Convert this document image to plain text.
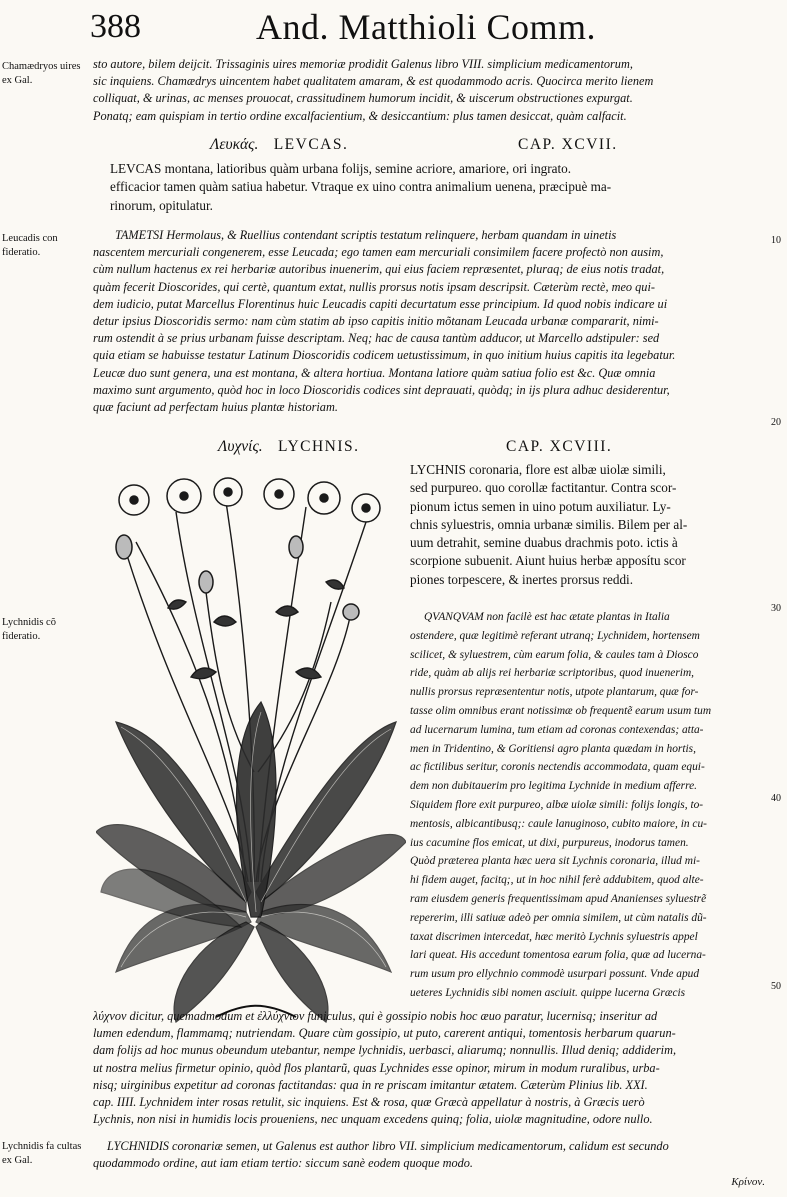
388	And. Matthioli Comm.
Chamædryos uires ex Gal.
Leucadis con fideratio.
Lychnidis cõ fideratio.
Lychnidis fa cultas ex Gal.
10
20
30
40
50
sto autore, bilem deijcit. Trissaginis uires memoriæ prodidit Galenus libro VIII. simplicium medicamentorum,
sic inquiens. Chamædrys uincentem habet qualitatem amaram, & est quodammodo acris. Quocirca merito lienem
colliquat, & urinas, ac menses prouocat, crassitudinem humorum incidit, & uiscerum obstructiones expurgat.
Ponatq; eam quispiam in tertio ordine excalfacientium, & desiccantium: plus tamen desiccat, quàm calfacit.
Λευκάς. LEVCAS.	CAP. XCVII.
LEVCAS montana, latioribus quàm urbana folijs, semine acriore, amariore, ori ingrato.
efficacior tamen quàm satiua habetur. Vtraque ex uino contra animalium uenena, præcipuè ma-
rinorum, opitulatur.
TAMETSI Hermolaus, & Ruellius contendant scriptis testatum relinquere, herbam quandam in uinetis
nascentem mercuriali congenerem, esse Leucada; ego tamen eam mercuriali consimilem facere profectò non ausim,
cùm nullum hactenus ex rei herbariæ autoribus inuenerim, qui eius faciem repræsentet, pluraq; de eius notis tradat,
quàm fecerit Dioscorides, qui certè, quantum extat, nullis prorsus notis ipsam descripsit. Cæterùm rectè, meo qui-
dem iudicio, putat Marcellus Florentinus huic Leucadis capiti decurtatum esse principium. Id quod nobis indicare ui
detur ipsius Dioscoridis sermo: nam cùm statim ab ipso capitis initio mõtanam Leucada urbanæ compararit, nimi-
rum ostendit à se prius urbanam fuisse descriptam. Neq; hac de causa tantùm adducor, ut Marcello adstipuler: sed
quia etiam se habuisse testatur Latinum Dioscoridis codicem uetustissimum, in quo initium huius capitis ita legebatur.
Leucæ duo sunt genera, una est montana, & altera hortiua. Montana latiore quàm satiua folio est &c. Quæ omnia
maximo sunt argumento, quòd hoc in loco Dioscoridis codices sint deprauati, quòdq; in ijs plura adhuc desiderentur,
quæ faciunt ad perfectam huius plantæ historiam.
Λυχνίς. LYCHNIS.	CAP. XCVIII.
LYCHNIS coronaria, flore est albæ uiolæ simili,
sed purpureo. quo corollæ factitantur. Contra scor-
pionum ictus semen in uino potum auxiliatur. Ly-
chnis syluestris, omnia urbanæ similis. Bilem per al-
uum detrahit, semine duabus drachmis poto. ictis à
scorpione subuenit. Aiunt huius herbæ apposítu scor
piones torpescere, & inertes prorsus reddi.
QVANQVAM non facilè est hac ætate plantas in Italia
ostendere, quæ legitimè referant utranq; Lychnidem, hortensem
scilicet, & syluestrem, cùm earum folia, & caules tam à Diosco
ride, quàm ab alijs rei herbariæ scriptoribus, quod inuenerim,
nullis prorsus repræsententur notis, utpote plantarum, quæ for-
tasse olim omnibus erant notissimæ ob frequentẽ earum usum tum
ad lucernarum lumina, tum etiam ad coronas contexendas; atta-
men in Tridentino, & Goritiensi agro planta quædam in hortis,
ac fictilibus seritur, coronis nectendis accommodata, quam equi-
dem non dubitauerim pro legitima Lychnide in medium afferre.
Siquidem flore exit purpureo, albæ uiolæ simili: folijs longis, to-
mentosis, albicantibusq;: caule lanuginoso, cubito maiore, in cu-
ius cacumine flos emicat, ut dixi, purpureus, inodorus tamen.
Quòd præterea planta hæc uera sit Lychnis coronaria, illud mi-
hi fidem auget, facitq;, ut in hoc nihil ferè addubitem, quod alte-
ram eiusdem generis frequentissimam apud Ananienses syluestrẽ
repererim, illi satiuæ adeò per omnia similem, ut cùm natalis dũ-
taxat discrimen intercedat, hæc meritò Lychnis syluestris appel
lari queat. His accedunt tomentosa earum folia, quæ ad lucerna-
rum usum pro ellychnio commodè usurpari possunt. Vnde apud
ueteres Lychnidis sibi nomen asciuit. quippe lucerna Græcis
λύχνον dicitur, quemadmodum et ἐλλύχνιον funiculus, qui è gossipio nobis hoc æuo paratur, lucernisq; inseritur ad
lumen edendum, flammamq; nutriendam. Quare cùm gossipio, ut puto, carerent antiqui, tomentosis herbarum quarun-
dam folijs ad hoc munus obeundum utebantur, nempe lychnidis, uerbasci, aliarumq; nonnullis. Illud deniq; addiderim,
ut nostra melius firmetur opinio, quòd flos plantarũ, quas Lychnides esse opinor, mirum in modum ruralibus, urba-
nisq; uirginibus expetitur ad coronas factitandas: qua in re priscam imitantur ætatem. Cæterùm Plinius lib. XXI.
cap. IIII. Lychnidem inter rosas retulit, sic inquiens. Est & rosa, quæ Græcà appellatur à nostris, à Græcis uerò
Lychnis, non nisi in humidis locis proueniens, nec unquam excedens quinq; folia, uiolæ magnitudine, odore nullo.
LYCHNIDIS coronariæ semen, ut Galenus est author libro VII. simplicium medicamentorum, calidum est secundo
quodammodo ordine, aut iam etiam tertio: siccum sanè eodem quoque modo.
Κρίνον.
